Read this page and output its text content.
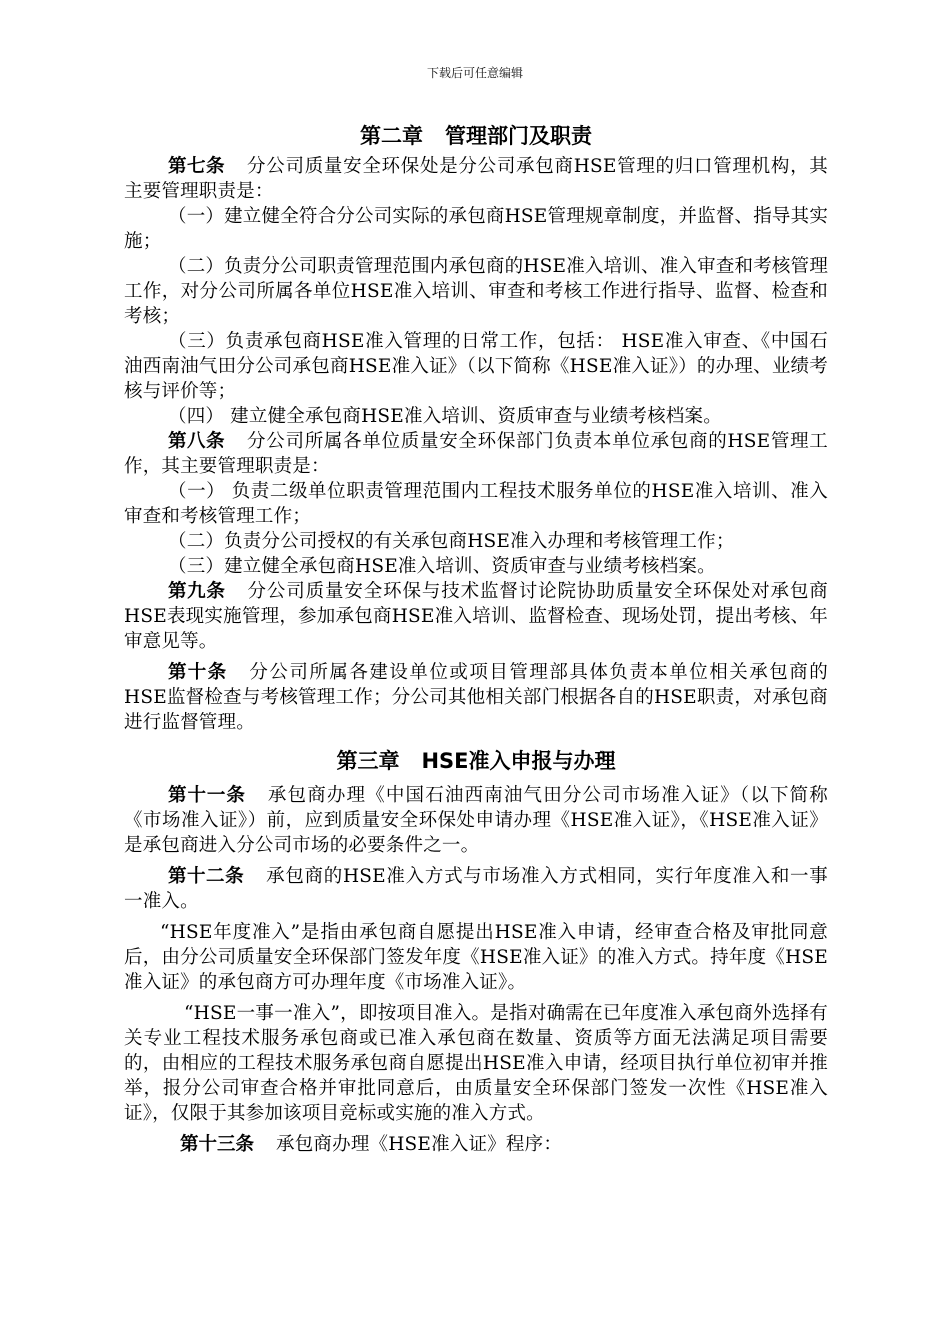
下载后可任意编辑
第二章 管理部门及职责

第七条 分公司质量安全环保处是分公司承包商HSE管理的归口管理机构，其主要管理职责是：

（一）建立健全符合分公司实际的承包商HSE管理规章制度，并监督、指导其实施；

（二）负责分公司职责管理范围内承包商的HSE准入培训、准入审查和考核管理工作，对分公司所属各单位HSE准入培训、审查和考核工作进行指导、监督、检查和考核；

（三）负责承包商HSE准入管理的日常工作，包括： HSE准入审查、《中国石油西南油气田分公司承包商HSE准入证》（以下简称《HSE准入证》）的办理、业绩考核与评价等；

（四） 建立健全承包商HSE准入培训、资质审查与业绩考核档案。

第八条 分公司所属各单位质量安全环保部门负责本单位承包商的HSE管理工作，其主要管理职责是：

（一） 负责二级单位职责管理范围内工程技术服务单位的HSE准入培训、准入审查和考核管理工作；

（二）负责分公司授权的有关承包商HSE准入办理和考核管理工作；

（三）建立健全承包商HSE准入培训、资质审查与业绩考核档案。

第九条 分公司质量安全环保与技术监督讨论院协助质量安全环保处对承包商HSE表现实施管理，参加承包商HSE准入培训、监督检查、现场处罚，提出考核、年审意见等。

第十条 分公司所属各建设单位或项目管理部具体负责本单位相关承包商的HSE监督检查与考核管理工作；分公司其他相关部门根据各自的HSE职责，对承包商进行监督管理。

第三章 HSE准入申报与办理

第十一条 承包商办理《中国石油西南油气田分公司市场准入证》（以下简称《市场准入证》）前，应到质量安全环保处申请办理《HSE准入证》，《HSE准入证》是承包商进入分公司市场的必要条件之一。

第十二条 承包商的HSE准入方式与市场准入方式相同，实行年度准入和一事一准入。

“HSE年度准入”是指由承包商自愿提出HSE准入申请，经审查合格及审批同意后，由分公司质量安全环保部门签发年度《HSE准入证》的准入方式。持年度《HSE准入证》的承包商方可办理年度《市场准入证》。

“HSE一事一准入”，即按项目准入。是指对确需在已年度准入承包商外选择有关专业工程技术服务承包商或已准入承包商在数量、资质等方面无法满足项目需要的，由相应的工程技术服务承包商自愿提出HSE准入申请，经项目执行单位初审并推举，报分公司审查合格并审批同意后，由质量安全环保部门签发一次性《HSE准入证》，仅限于其参加该项目竞标或实施的准入方式。

第十三条 承包商办理《HSE准入证》程序：
